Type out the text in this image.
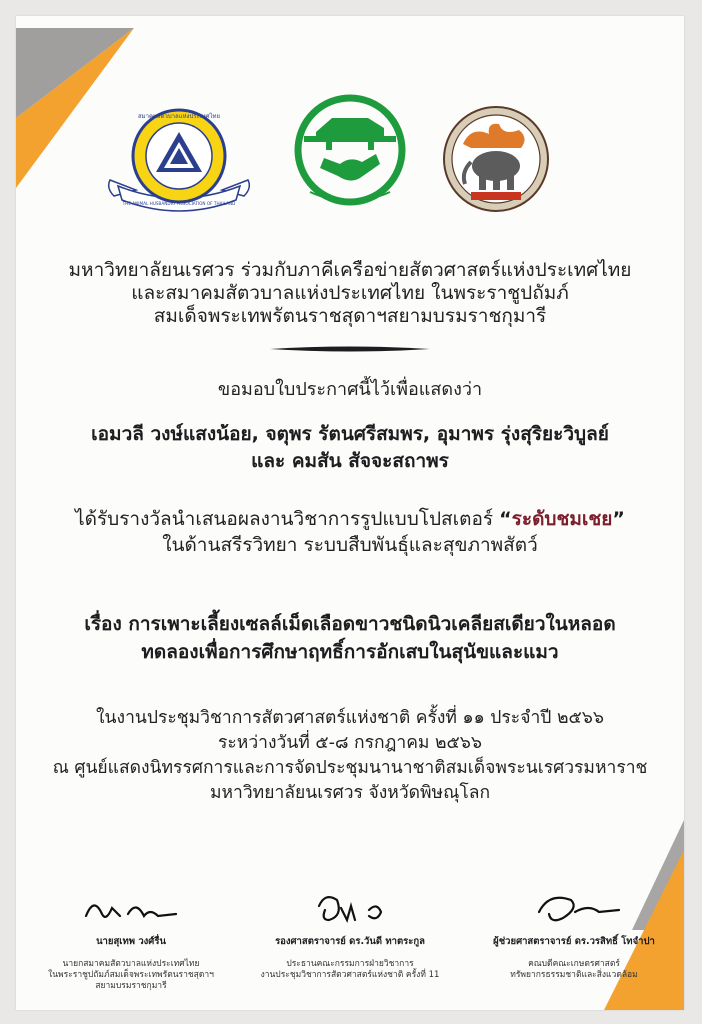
THE ANIMAL HUSBANDRY ASSOCIATION OF THAILAND
สมาคมสัตวบาลแห่งประเทศไทย
มหาวิทยาลัยนเรศวร ร่วมกับภาคีเครือข่ายสัตวศาสตร์แห่งประเทศไทย
และสมาคมสัตวบาลแห่งประเทศไทย ในพระราชูปถัมภ์
สมเด็จพระเทพรัตนราชสุดาฯสยามบรมราชกุมารี
ขอมอบใบประกาศนี้ไว้เพื่อแสดงว่า
เอมวลี วงษ์แสงน้อย, จตุพร รัตนศรีสมพร, อุมาพร รุ่งสุริยะวิบูลย์
และ คมสัน สัจจะสถาพร
ได้รับรางวัลนำเสนอผลงานวิชาการรูปแบบโปสเตอร์ “ระดับชมเชย”
ในด้านสรีรวิทยา ระบบสืบพันธุ์และสุขภาพสัตว์
เรื่อง การเพาะเลี้ยงเซลล์เม็ดเลือดขาวชนิดนิวเคลียสเดียวในหลอด
ทดลองเพื่อการศึกษาฤทธิ์การอักเสบในสุนัขและแมว
ในงานประชุมวิชาการสัตวศาสตร์แห่งชาติ ครั้งที่ ๑๑ ประจำปี ๒๕๖๖
ระหว่างวันที่ ๕-๘ กรกฎาคม ๒๕๖๖
ณ ศูนย์แสดงนิทรรศการและการจัดประชุมนานาชาติสมเด็จพระนเรศวรมหาราช
มหาวิทยาลัยนเรศวร จังหวัดพิษณุโลก
นายสุเทพ วงศ์รื่น
นายกสมาคมสัตวบาลแห่งประเทศไทย
ในพระราชูปถัมภ์สมเด็จพระเทพรัตนราชสุดาฯ
สยามบรมราชกุมารี
รองศาสตราจารย์ ดร.วันดี ทาตระกูล
ประธานคณะกรรมการฝ่ายวิชาการ
งานประชุมวิชาการสัตวศาสตร์แห่งชาติ ครั้งที่ 11
ผู้ช่วยศาสตราจารย์ ดร.วรสิทธิ์ โทจำปา
คณบดีคณะเกษตรศาสตร์
ทรัพยากรธรรมชาติและสิ่งแวดล้อม
